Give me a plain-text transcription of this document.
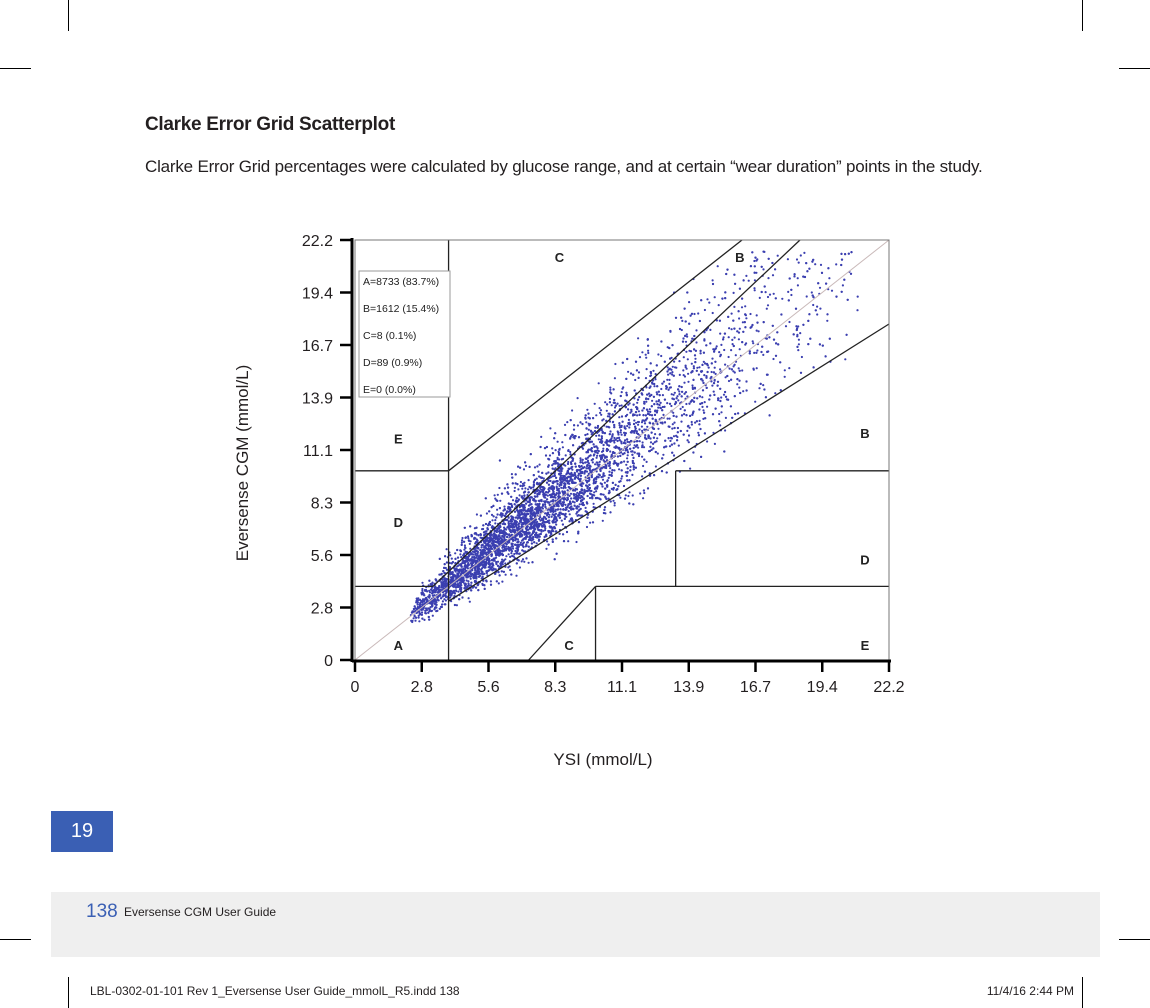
Clarke Error Grid Scatterplot
Clarke Error Grid percentages were calculated by glucose range, and at certain “wear duration” points in the study.
0
0
2.8
2.8
5.6
5.6
8.3
8.3
11.1
11.1
13.9
13.9
16.7
16.7
19.4
19.4
22.2
22.2
A=8733 (83.7%)
B=1612 (15.4%)
C=8 (0.1%)
D=89 (0.9%)
E=0 (0.0%)
A
B
B
C
C
D
D
E
E
Eversense CGM (mmol/L)
YSI (mmol/L)
19
138 Eversense CGM User Guide
LBL-0302-01-101 Rev 1_Eversense User Guide_mmolL_R5.indd 138	11/4/16 2:44 PM
